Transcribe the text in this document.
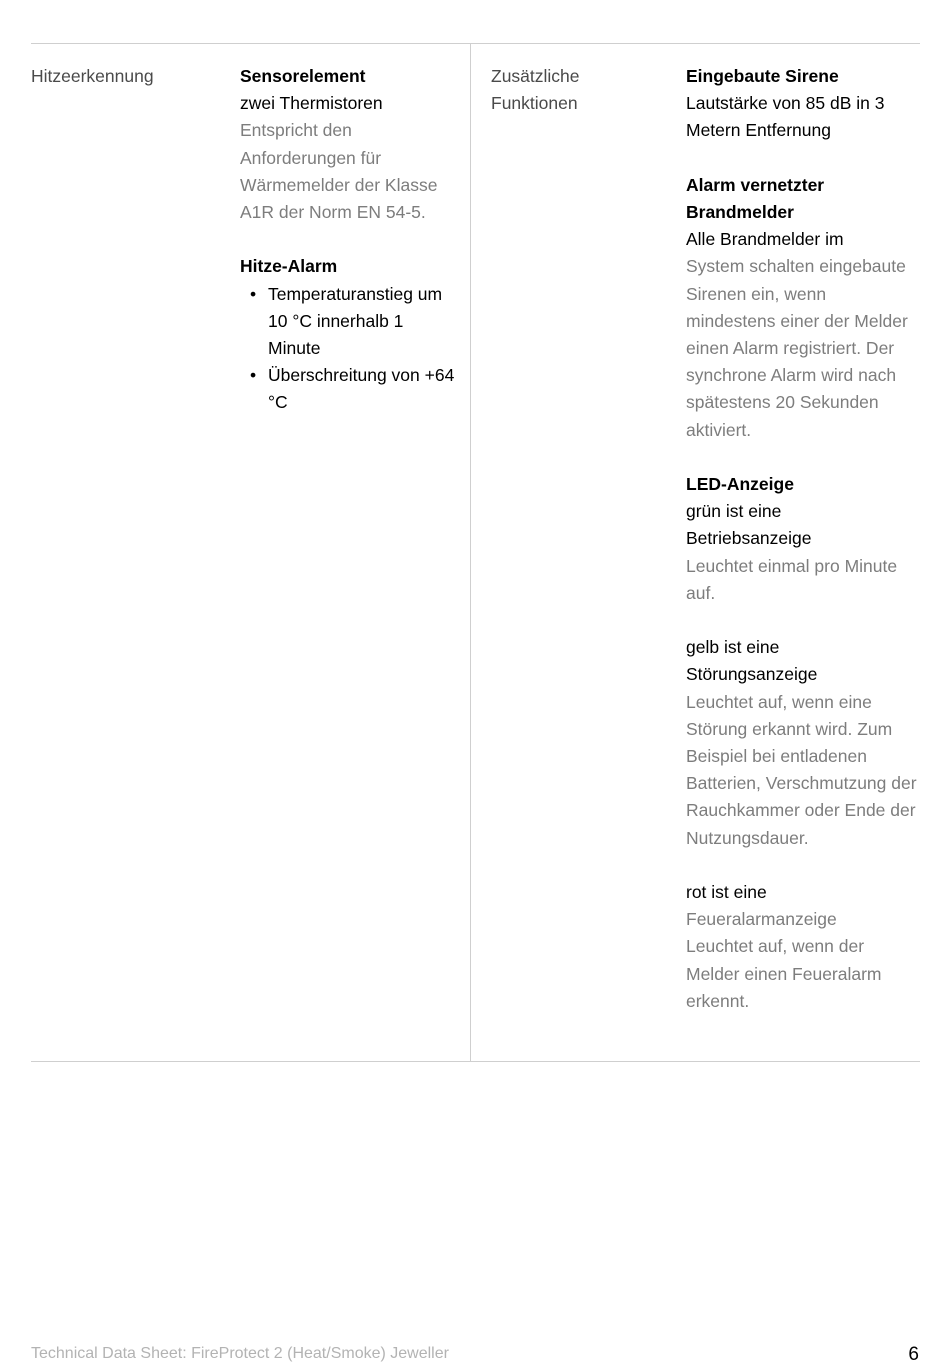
Hitzeerkennung	Sensorelement
zwei Thermistoren
Entspricht den Anforderungen für Wärmemelder der Klasse A1R der Norm EN 54-5.
Hitze-Alarm
• Temperaturanstieg um 10 °C innerhalb 1 Minute
• Überschreitung von +64 °C
Zusätzliche Funktionen
Eingebaute Sirene
Lautstärke von 85 dB in 3 Metern Entfernung
Alarm vernetzter Brandmelder
Alle Brandmelder im
System schalten eingebaute Sirenen ein, wenn mindestens einer der Melder einen Alarm registriert. Der synchrone Alarm wird nach spätestens 20 Sekunden aktiviert.
LED-Anzeige
grün ist eine Betriebsanzeige
Leuchtet einmal pro Minute auf.
gelb ist eine Störungsanzeige
Leuchtet auf, wenn eine Störung erkannt wird. Zum Beispiel bei entladenen Batterien, Verschmutzung der Rauchkammer oder Ende der Nutzungsdauer.
rot ist eine
Feueralarmanzeige Leuchtet auf, wenn der Melder einen Feueralarm erkennt.
Technical Data Sheet: FireProtect 2 (Heat/Smoke) Jeweller	6
